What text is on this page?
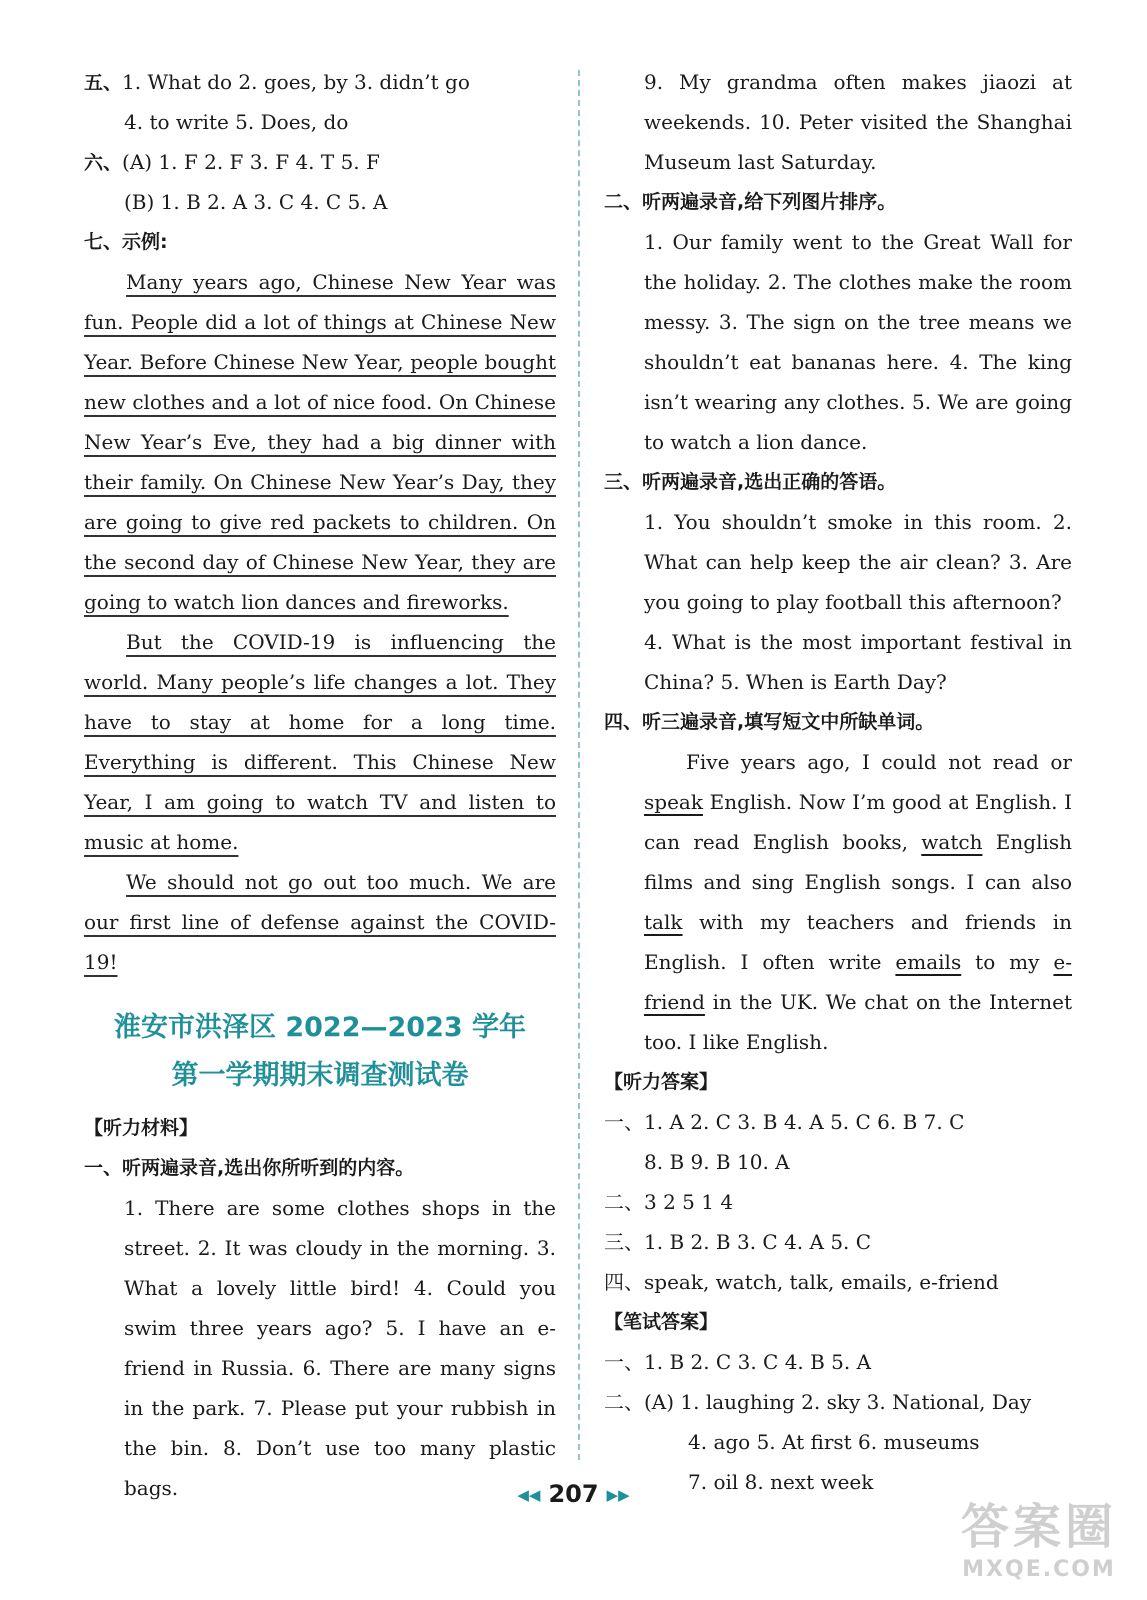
五、1. What do 2. goes, by 3. didn’t go
4. to write 5. Does, do
六、(A) 1. F 2. F 3. F 4. T 5. F
(B) 1. B 2. A 3. C 4. C 5. A
七、示例:

Many years ago, Chinese New Year was fun. People did a lot of things at Chinese New Year. Before Chinese New Year, people bought new clothes and a lot of nice food. On Chinese New Year’s Eve, they had a big dinner with their family. On Chinese New Year’s Day, they are going to give red packets to children. On the second day of Chinese New Year, they are going to watch lion dances and fireworks.

But the COVID-19 is influencing the world. Many people’s life changes a lot. They have to stay at home for a long time. Everything is different. This Chinese New Year, I am going to watch TV and listen to music at home.

We should not go out too much. We are our first line of defense against the COVID-19!

淮安市洪泽区 2022—2023 学年
第一学期期末调查测试卷
【听力材料】
一、听两遍录音,选出你所听到的内容。
1. There are some clothes shops in the street. 2. It was cloudy in the morning. 3. What a lovely little bird! 4. Could you swim three years ago? 5. I have an e-friend in Russia. 6. There are many signs in the park. 7. Please put your rubbish in the bin. 8. Don’t use too many plastic bags.
9. My grandma often makes jiaozi at weekends. 10. Peter visited the Shanghai Museum last Saturday.
二、听两遍录音,给下列图片排序。
1. Our family went to the Great Wall for the holiday. 2. The clothes make the room messy. 3. The sign on the tree means we shouldn’t eat bananas here. 4. The king isn’t wearing any clothes. 5. We are going to watch a lion dance.
三、听两遍录音,选出正确的答语。
1. You shouldn’t smoke in this room. 2. What can help keep the air clean? 3. Are you going to play football this afternoon?
4. What is the most important festival in China? 5. When is Earth Day?
四、听三遍录音,填写短文中所缺单词。
Five years ago, I could not read or speak English. Now I’m good at English. I can read English books, watch English films and sing English songs. I can also talk with my teachers and friends in English. I often write emails to my e-friend in the UK. We chat on the Internet too. I like English.
【听力答案】
一、1. A 2. C 3. B 4. A 5. C 6. B 7. C
8. B 9. B 10. A
二、3 2 5 1 4
三、1. B 2. B 3. C 4. A 5. C
四、speak, watch, talk, emails, e-friend
【笔试答案】
一、1. B 2. C 3. C 4. B 5. A
二、(A) 1. laughing 2. sky 3. National, Day
4. ago 5. At first 6. museums
7. oil 8. next week
◀◀ 207 ▶▶
答案圈
MXQE.COM
